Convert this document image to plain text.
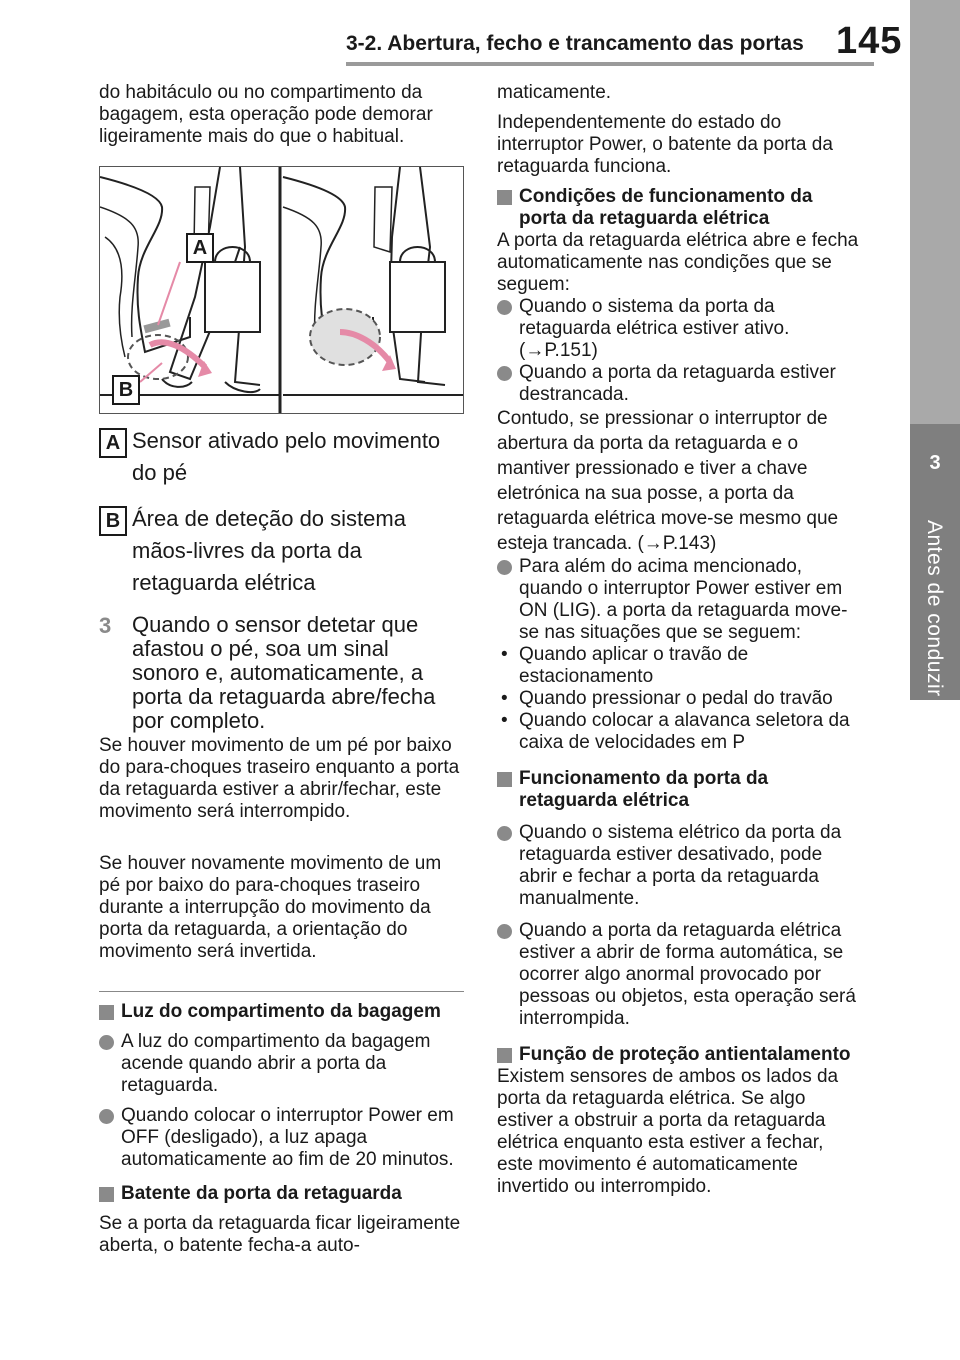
3-2. Abertura, fecho e trancamento das portas 145
3
Antes de conduzir

do habitáculo ou no compartimento da bagagem, esta operação pode demorar ligeiramente mais do que o habitual.

A
B
A Sensor ativado pelo movimento do pé
B Área de deteção do sistema mãos-livres da porta da retaguarda elétrica
3 Quando o sensor detetar que afastou o pé, soa um sinal sonoro e, automaticamente, a porta da retaguarda abre/fecha por completo.
Se houver movimento de um pé por baixo do para-choques traseiro enquanto a porta da retaguarda estiver a abrir/fechar, este movimento será interrompido.
Se houver novamente movimento de um pé por baixo do para-choques traseiro durante a interrupção do movimento da porta da retaguarda, a orientação do movimento será invertida.
Luz do compartimento da bagagem
A luz do compartimento da bagagem acende quando abrir a porta da retaguarda.
Quando colocar o interruptor Power em OFF (desligado), a luz apaga automaticamente ao fim de 20 minutos.
Batente da porta da retaguarda

Se a porta da retaguarda ficar ligeiramente aberta, o batente fecha-a auto-

maticamente.

Independentemente do estado do interruptor Power, o batente da porta da retaguarda funciona.

Condições de funcionamento da porta da retaguarda elétrica

A porta da retaguarda elétrica abre e fecha automaticamente nas condições que se seguem:

Quando o sistema da porta da retaguarda elétrica estiver ativo. (→P.151)
Quando a porta da retaguarda estiver destrancada.

Contudo, se pressionar o interruptor de abertura da porta da retaguarda e o mantiver pressionado e tiver a chave eletrónica na sua posse, a porta da retaguarda elétrica move-se mesmo que esteja trancada. (→P.143)

Para além do acima mencionado, quando o interruptor Power estiver em ON (LIG). a porta da retaguarda move-se nas situações que se seguem:
• Quando aplicar o travão de estacionamento
• Quando pressionar o pedal do travão
• Quando colocar a alavanca seletora da caixa de velocidades em P
Funcionamento da porta da retaguarda elétrica
Quando o sistema elétrico da porta da retaguarda estiver desativado, pode abrir e fechar a porta da retaguarda manualmente.
Quando a porta da retaguarda elétrica estiver a abrir de forma automática, se ocorrer algo anormal provocado por pessoas ou objetos, esta operação será interrompida.
Função de proteção antientalamento

Existem sensores de ambos os lados da porta da retaguarda elétrica. Se algo estiver a obstruir a porta da retaguarda elétrica enquanto esta estiver a fechar, este movimento é automaticamente invertido ou interrompido.
